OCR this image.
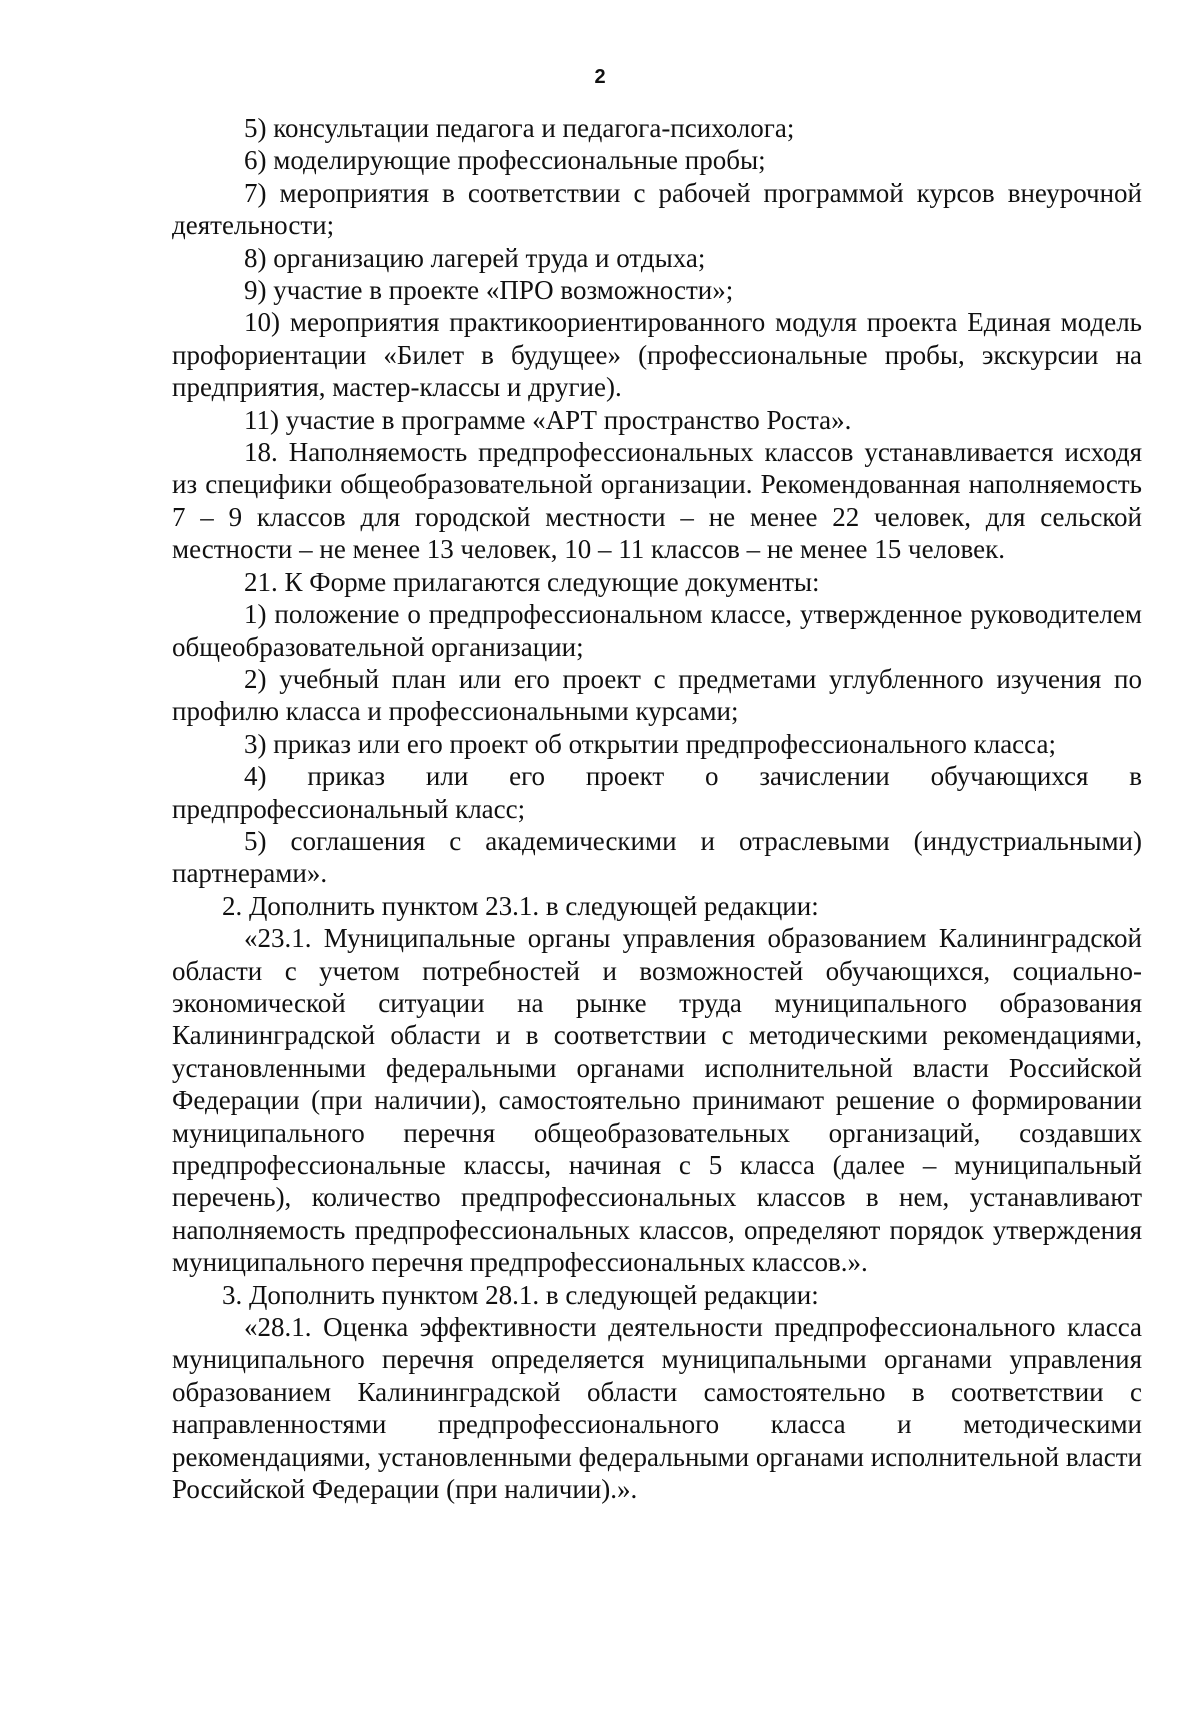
2

5) консультации педагога и педагога-психолога;

6) моделирующие профессиональные пробы;

7) мероприятия в соответствии с рабочей программой курсов внеурочной деятельности;

8) организацию лагерей труда и отдыха;

9) участие в проекте «ПРО возможности»;

10) мероприятия практикоориентированного модуля проекта Единая модель профориентации «Билет в будущее» (профессиональные пробы, экскурсии на предприятия, мастер-классы и другие).

11) участие в программе «АРТ пространство Роста».

18. Наполняемость предпрофессиональных классов устанавливается исходя из специфики общеобразовательной организации. Рекомендованная наполняемость 7 – 9 классов для городской местности – не менее 22 человек, для сельской местности – не менее 13 человек, 10 – 11 классов – не менее 15 человек.

21. К Форме прилагаются следующие документы:

1) положение о предпрофессиональном классе, утвержденное руководителем общеобразовательной организации;

2) учебный план или его проект с предметами углубленного изучения по профилю класса и профессиональными курсами;

3) приказ или его проект об открытии предпрофессионального класса;

4) приказ или его проект о зачислении обучающихся в предпрофессиональный класс;

5) соглашения с академическими и отраслевыми (индустриальными) партнерами».

2. Дополнить пунктом 23.1. в следующей редакции:

«23.1. Муниципальные органы управления образованием Калининградской области с учетом потребностей и возможностей обучающихся, социально-экономической ситуации на рынке труда муниципального образования Калининградской области и в соответствии с методическими рекомендациями, установленными федеральными органами исполнительной власти Российской Федерации (при наличии), самостоятельно принимают решение о формировании муниципального перечня общеобразовательных организаций, создавших предпрофессиональные классы, начиная с 5 класса (далее – муниципальный перечень), количество предпрофессиональных классов в нем, устанавливают наполняемость предпрофессиональных классов, определяют порядок утверждения муниципального перечня предпрофессиональных классов.».

3. Дополнить пунктом 28.1. в следующей редакции:

«28.1. Оценка эффективности деятельности предпрофессионального класса муниципального перечня определяется муниципальными органами управления образованием Калининградской области самостоятельно в соответствии с направленностями предпрофессионального класса и методическими рекомендациями, установленными федеральными органами исполнительной власти Российской Федерации (при наличии).».
